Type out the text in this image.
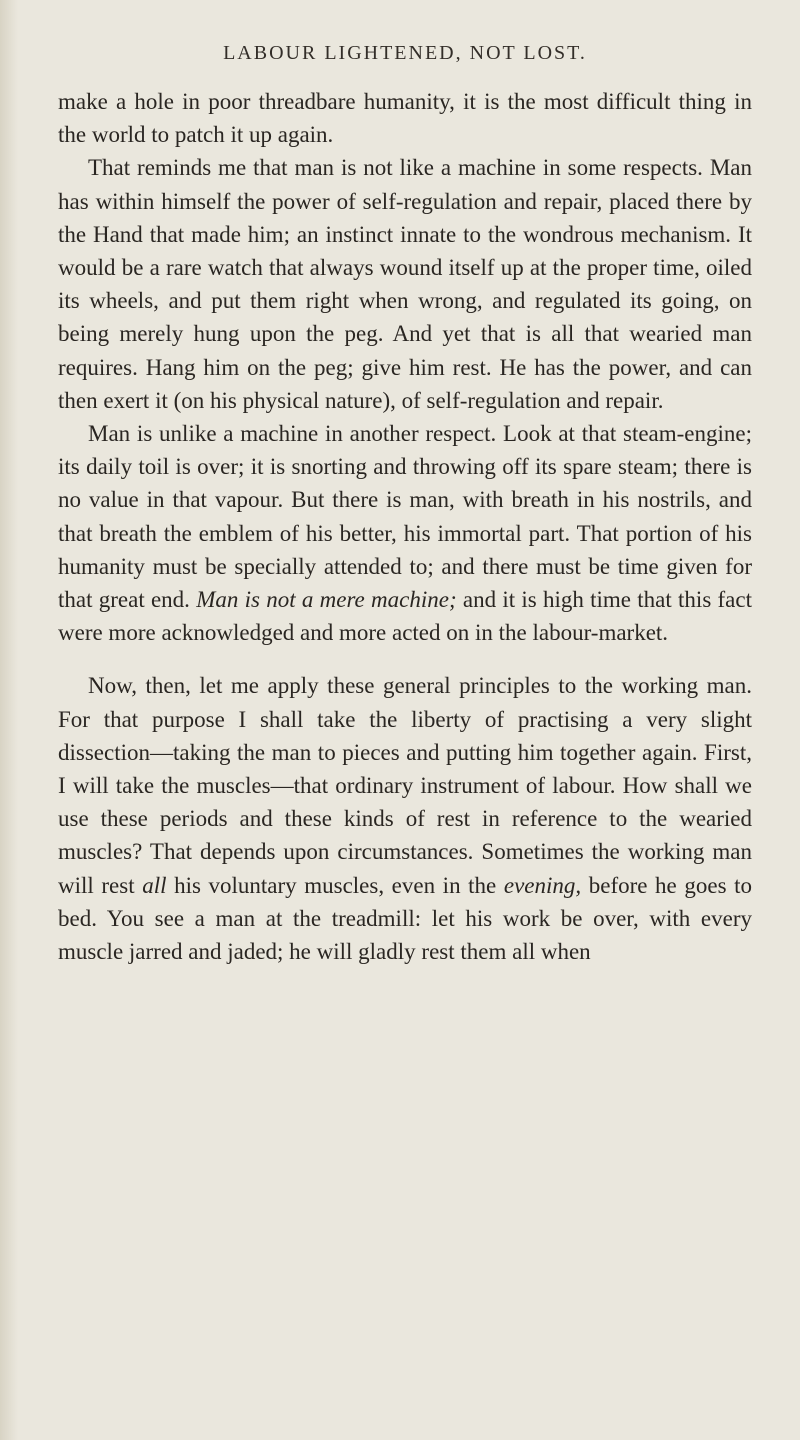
LABOUR LIGHTENED, NOT LOST.

make a hole in poor threadbare humanity, it is the most difficult thing in the world to patch it up again.

That reminds me that man is not like a machine in some respects. Man has within himself the power of self-regulation and repair, placed there by the Hand that made him; an instinct innate to the wondrous mechanism. It would be a rare watch that always wound itself up at the proper time, oiled its wheels, and put them right when wrong, and regulated its going, on being merely hung upon the peg. And yet that is all that wearied man requires. Hang him on the peg; give him rest. He has the power, and can then exert it (on his physical nature), of self-regulation and repair.

Man is unlike a machine in another respect. Look at that steam-engine; its daily toil is over; it is snorting and throwing off its spare steam; there is no value in that vapour. But there is man, with breath in his nostrils, and that breath the emblem of his better, his immortal part. That portion of his humanity must be specially attended to; and there must be time given for that great end. Man is not a mere machine; and it is high time that this fact were more acknowledged and more acted on in the labour-market.

Now, then, let me apply these general principles to the working man. For that purpose I shall take the liberty of practising a very slight dissection—taking the man to pieces and putting him together again. First, I will take the muscles—that ordinary instrument of labour. How shall we use these periods and these kinds of rest in reference to the wearied muscles? That depends upon circumstances. Sometimes the working man will rest all his voluntary muscles, even in the evening, before he goes to bed. You see a man at the treadmill: let his work be over, with every muscle jarred and jaded; he will gladly rest them all when
